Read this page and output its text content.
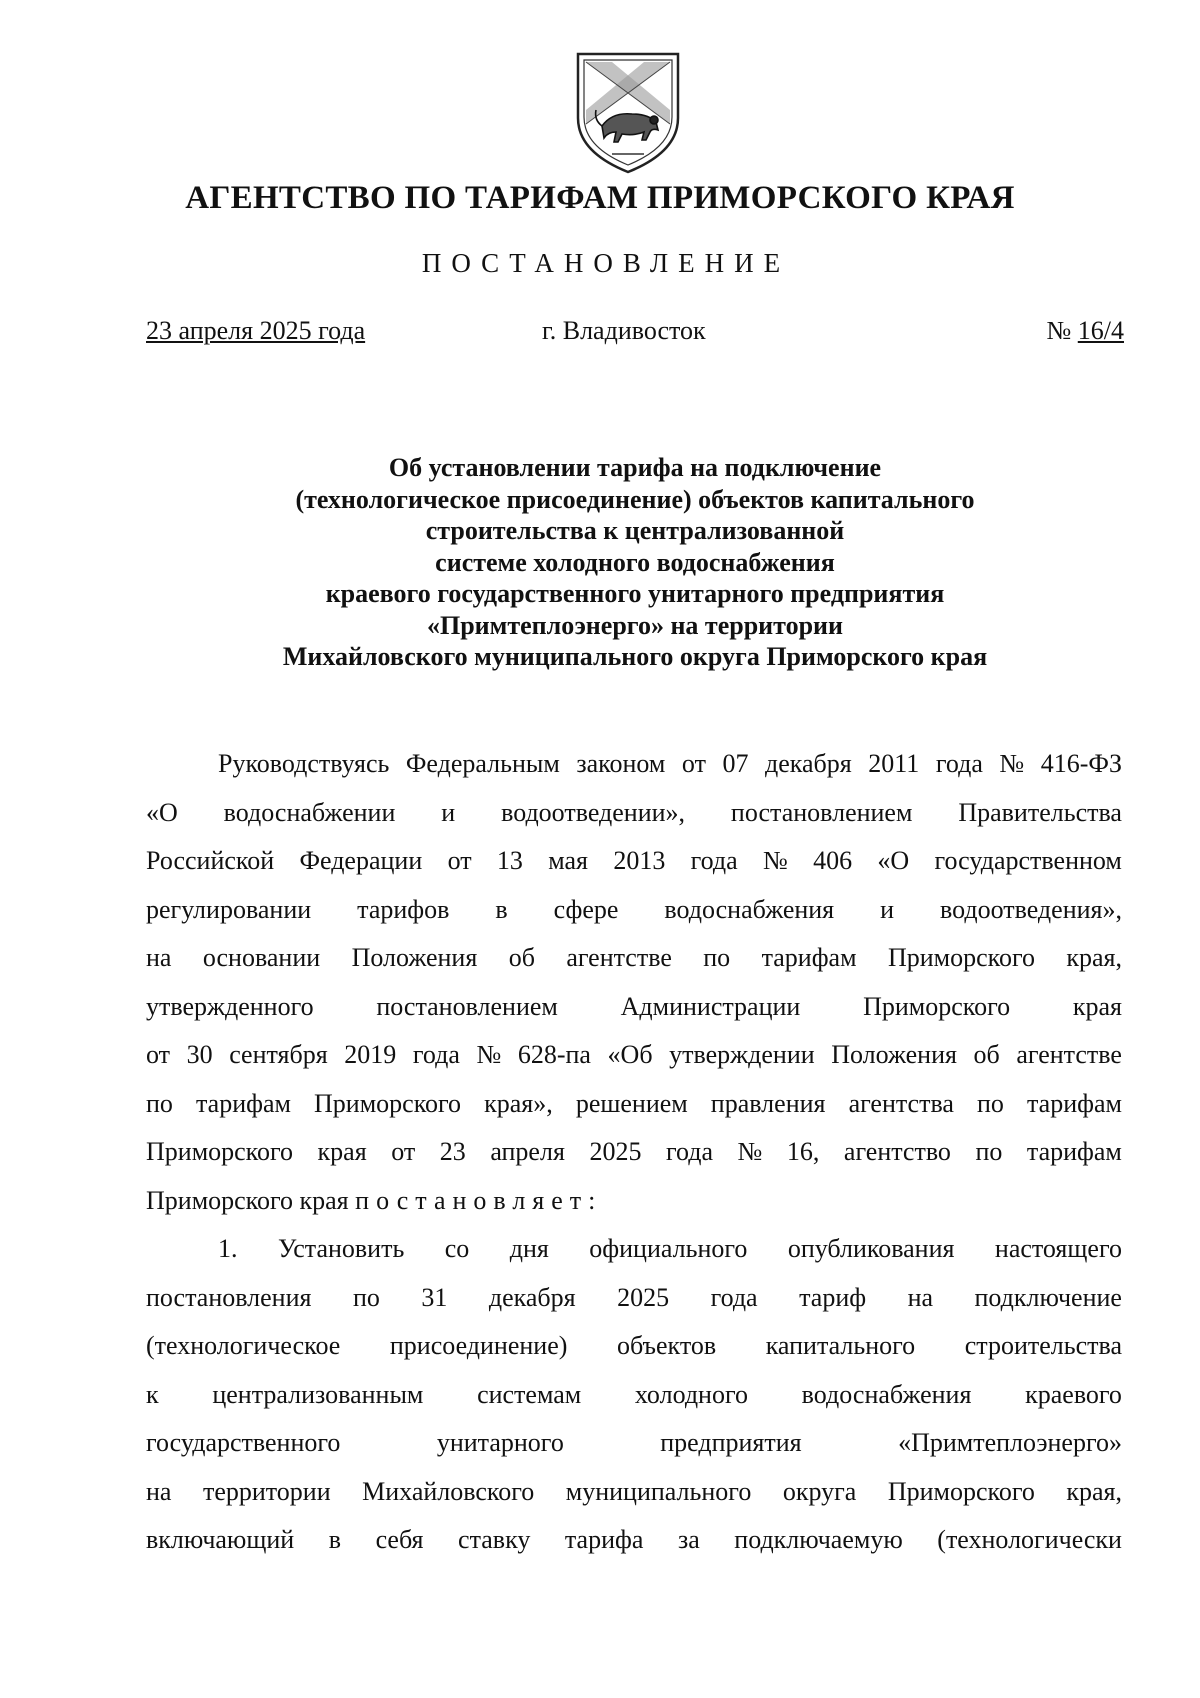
АГЕНТСТВО ПО ТАРИФАМ ПРИМОРСКОГО КРАЯ
ПОСТАНОВЛЕНИЕ
23 апреля 2025 года	г. Владивосток	№ 16/4
Об установлении тарифа на подключение
(технологическое присоединение) объектов капитального
строительства к централизованной
системе холодного водоснабжения
краевого государственного унитарного предприятия
«Примтеплоэнерго» на территории
Михайловского муниципального округа Приморского края
Руководствуясь Федеральным законом от 07 декабря 2011 года № 416-ФЗ
«О водоснабжении и водоотведении», постановлением Правительства
Российской Федерации от 13 мая 2013 года № 406 «О государственном
регулировании тарифов в сфере водоснабжения и водоотведения»,
на основании Положения об агентстве по тарифам Приморского края,
утвержденного постановлением Администрации Приморского края
от 30 сентября 2019 года № 628-па «Об утверждении Положения об агентстве
по тарифам Приморского края», решением правления агентства по тарифам
Приморского края от 23 апреля 2025 года № 16, агентство по тарифам
Приморского края
постановляет:
1. Установить со дня официального опубликования настоящего
постановления по 31 декабря 2025 года тариф на подключение
(технологическое присоединение) объектов капитального строительства
к централизованным системам холодного водоснабжения краевого
государственного	унитарного	предприятия	«Примтеплоэнерго»
на территории Михайловского муниципального округа Приморского края,
включающий в себя ставку тарифа за подключаемую (технологически
